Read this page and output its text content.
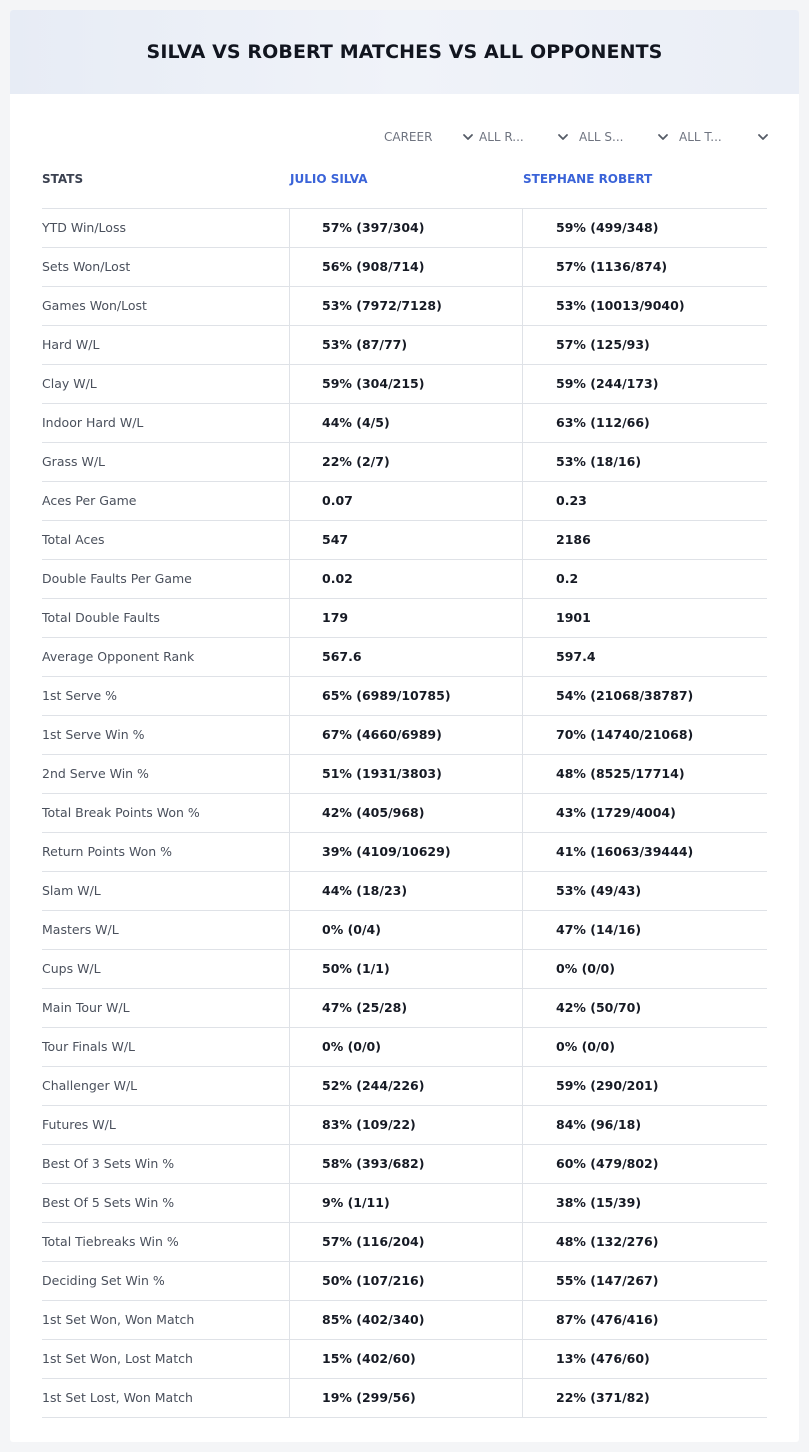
SILVA VS ROBERT MATCHES VS ALL OPPONENTS
CAREER	ALL R...	ALL S...	ALL T...
STATS	JULIO SILVA	STEPHANE ROBERT
YTD Win/Loss	57% (397/304)	59% (499/348)
Sets Won/Lost	56% (908/714)	57% (1136/874)
Games Won/Lost	53% (7972/7128)	53% (10013/9040)
Hard W/L	53% (87/77)	57% (125/93)
Clay W/L	59% (304/215)	59% (244/173)
Indoor Hard W/L	44% (4/5)	63% (112/66)
Grass W/L	22% (2/7)	53% (18/16)
Aces Per Game	0.07	0.23
Total Aces	547	2186
Double Faults Per Game	0.02	0.2
Total Double Faults	179	1901
Average Opponent Rank	567.6	597.4
1st Serve %	65% (6989/10785)	54% (21068/38787)
1st Serve Win %	67% (4660/6989)	70% (14740/21068)
2nd Serve Win %	51% (1931/3803)	48% (8525/17714)
Total Break Points Won %	42% (405/968)	43% (1729/4004)
Return Points Won %	39% (4109/10629)	41% (16063/39444)
Slam W/L	44% (18/23)	53% (49/43)
Masters W/L	0% (0/4)	47% (14/16)
Cups W/L	50% (1/1)	0% (0/0)
Main Tour W/L	47% (25/28)	42% (50/70)
Tour Finals W/L	0% (0/0)	0% (0/0)
Challenger W/L	52% (244/226)	59% (290/201)
Futures W/L	83% (109/22)	84% (96/18)
Best Of 3 Sets Win %	58% (393/682)	60% (479/802)
Best Of 5 Sets Win %	9% (1/11)	38% (15/39)
Total Tiebreaks Win %	57% (116/204)	48% (132/276)
Deciding Set Win %	50% (107/216)	55% (147/267)
1st Set Won, Won Match	85% (402/340)	87% (476/416)
1st Set Won, Lost Match	15% (402/60)	13% (476/60)
1st Set Lost, Won Match	19% (299/56)	22% (371/82)
